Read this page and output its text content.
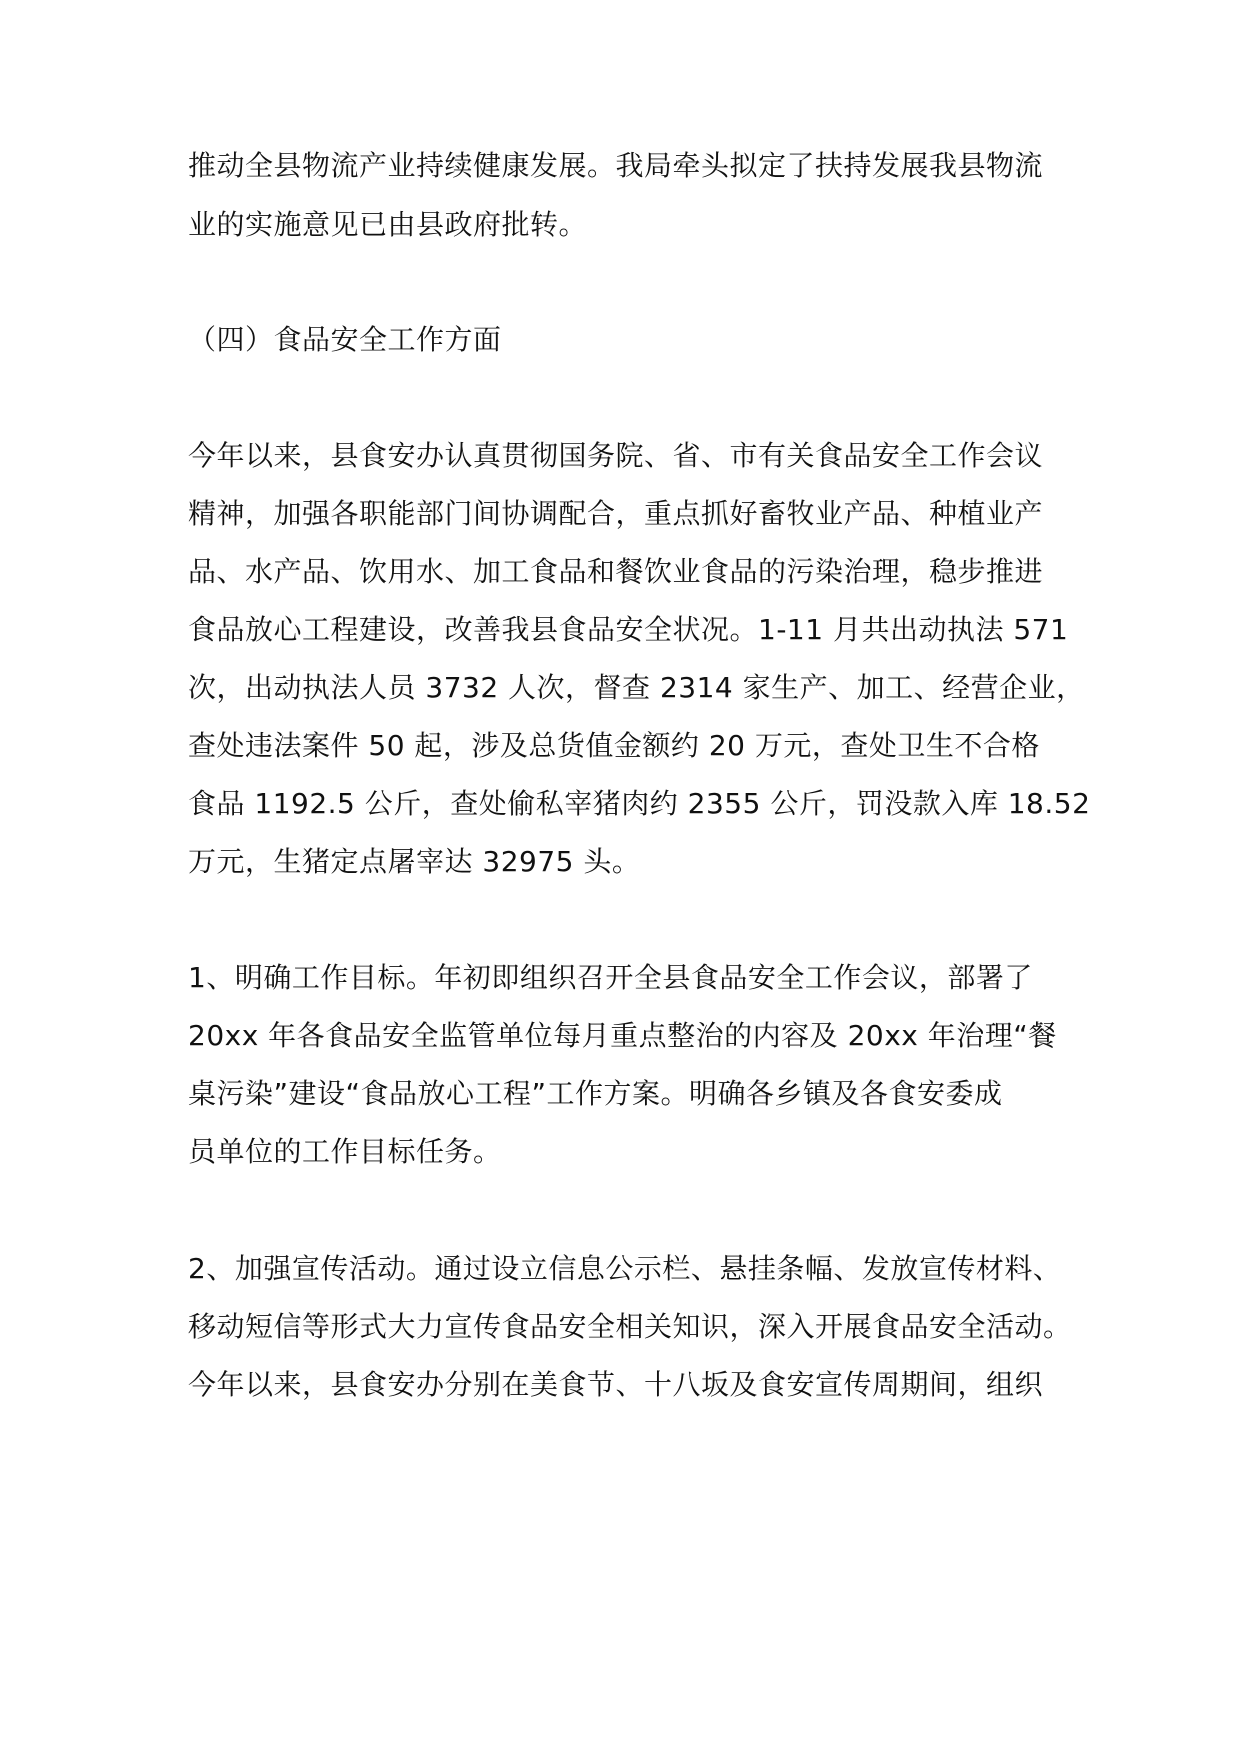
推动全县物流产业持续健康发展。我局牵头拟定了扶持发展我县物流
业的实施意见已由县政府批转。
（四）食品安全工作方面
今年以来，县食安办认真贯彻国务院、省、市有关食品安全工作会议
精神，加强各职能部门间协调配合，重点抓好畜牧业产品、种植业产
品、水产品、饮用水、加工食品和餐饮业食品的污染治理，稳步推进
食品放心工程建设，改善我县食品安全状况。1-11 月共出动执法 571
次，出动执法人员 3732 人次，督查 2314 家生产、加工、经营企业，
查处违法案件 50 起，涉及总货值金额约 20 万元，查处卫生不合格
食品 1192.5 公斤，查处偷私宰猪肉约 2355 公斤，罚没款入库 18.52
万元，生猪定点屠宰达 32975 头。
1、明确工作目标。年初即组织召开全县食品安全工作会议，部署了
20xx 年各食品安全监管单位每月重点整治的内容及 20xx 年治理“餐
桌污染”建设“食品放心工程”工作方案。明确各乡镇及各食安委成
员单位的工作目标任务。
2、加强宣传活动。通过设立信息公示栏、悬挂条幅、发放宣传材料、
移动短信等形式大力宣传食品安全相关知识，深入开展食品安全活动。
今年以来，县食安办分别在美食节、十八坂及食安宣传周期间，组织
